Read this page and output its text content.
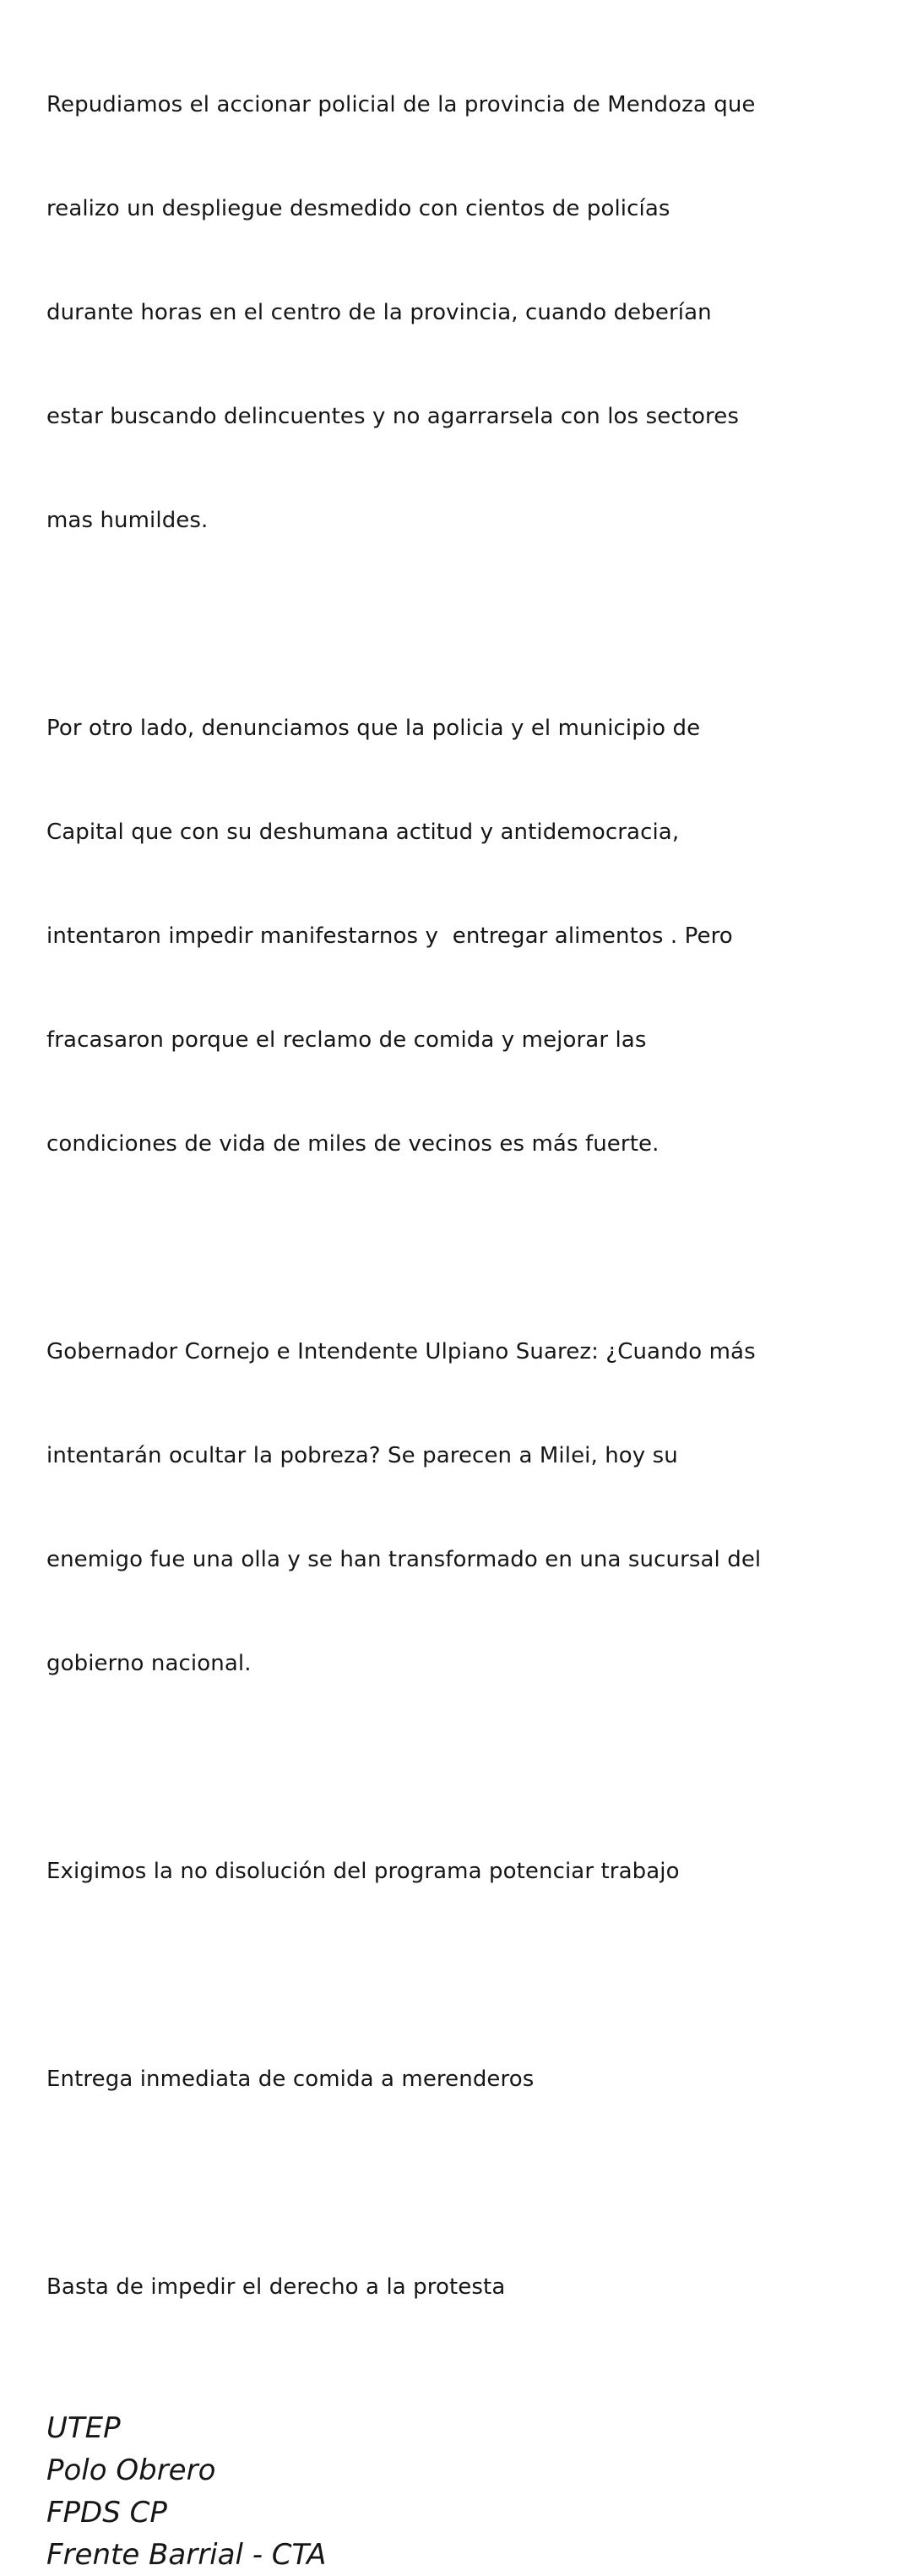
Repudiamos el accionar policial de la provincia de Mendoza que

realizo un despliegue desmedido con cientos de policías

durante horas en el centro de la provincia, cuando deberían

estar buscando delincuentes y no agarrarsela con los sectores

mas humildes.

Por otro lado, denunciamos que la policia y el municipio de

Capital que con su deshumana actitud y antidemocracia,

intentaron impedir manifestarnos y  entregar alimentos . Pero

fracasaron porque el reclamo de comida y mejorar las

condiciones de vida de miles de vecinos es más fuerte.

Gobernador Cornejo e Intendente Ulpiano Suarez: ¿Cuando más

intentarán ocultar la pobreza? Se parecen a Milei, hoy su

enemigo fue una olla y se han transformado en una sucursal del

gobierno nacional.

Exigimos la no disolución del programa potenciar trabajo

Entrega inmediata de comida a merenderos

Basta de impedir el derecho a la protesta

UTEP
Polo Obrero
FPDS CP
Frente Barrial - CTA
